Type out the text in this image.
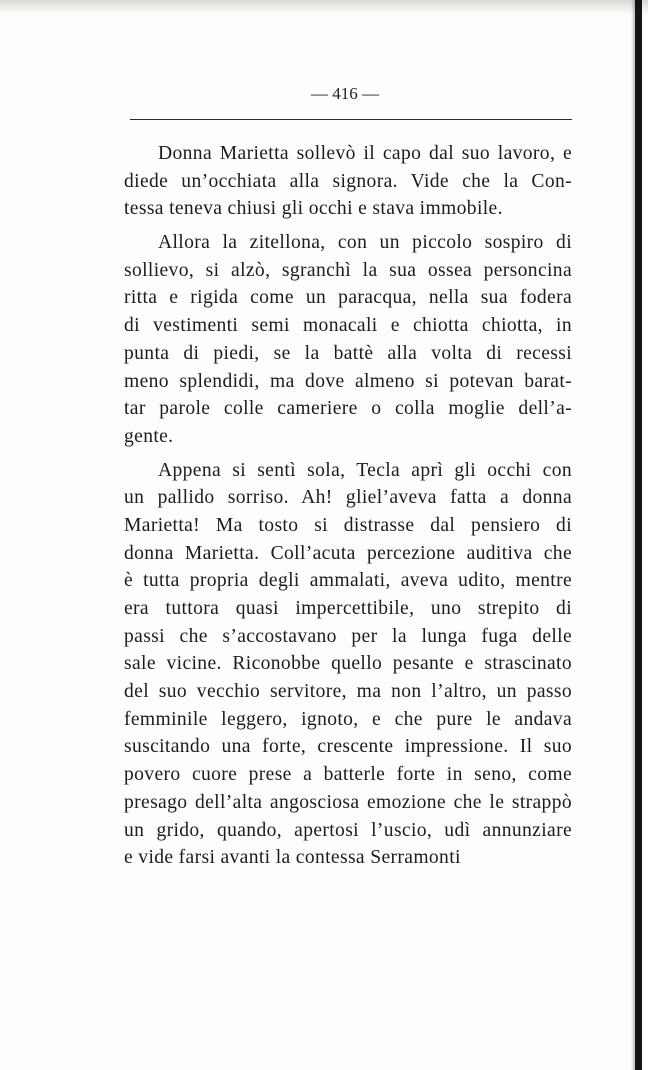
— 416 —
Donna Marietta sollevò il capo dal suo lavoro, e
diede un’occhiata alla signora. Vide che la Con-
tessa teneva chiusi gli occhi e stava immobile.
Allora la zitellona, con un piccolo sospiro di
sollievo, si alzò, sgranchì la sua ossea personcina
ritta e rigida come un paracqua, nella sua fodera
di vestimenti semi monacali e chiotta chiotta, in
punta di piedi, se la battè alla volta di recessi
meno splendidi, ma dove almeno si potevan barat-
tar parole colle cameriere o colla moglie dell’a-
gente.
Appena si sentì sola, Tecla aprì gli occhi con
un pallido sorriso. Ah! gliel’aveva fatta a donna
Marietta! Ma tosto si distrasse dal pensiero di
donna Marietta. Coll’acuta percezione auditiva che
è tutta propria degli ammalati, aveva udito, mentre
era tuttora quasi impercettibile, uno strepito di
passi che s’accostavano per la lunga fuga delle
sale vicine. Riconobbe quello pesante e strascinato
del suo vecchio servitore, ma non l’altro, un passo
femminile leggero, ignoto, e che pure le andava
suscitando una forte, crescente impressione. Il suo
povero cuore prese a batterle forte in seno, come
presago dell’alta angosciosa emozione che le strappò
un grido, quando, apertosi l’uscio, udì annunziare
e vide farsi avanti la contessa Serramonti
